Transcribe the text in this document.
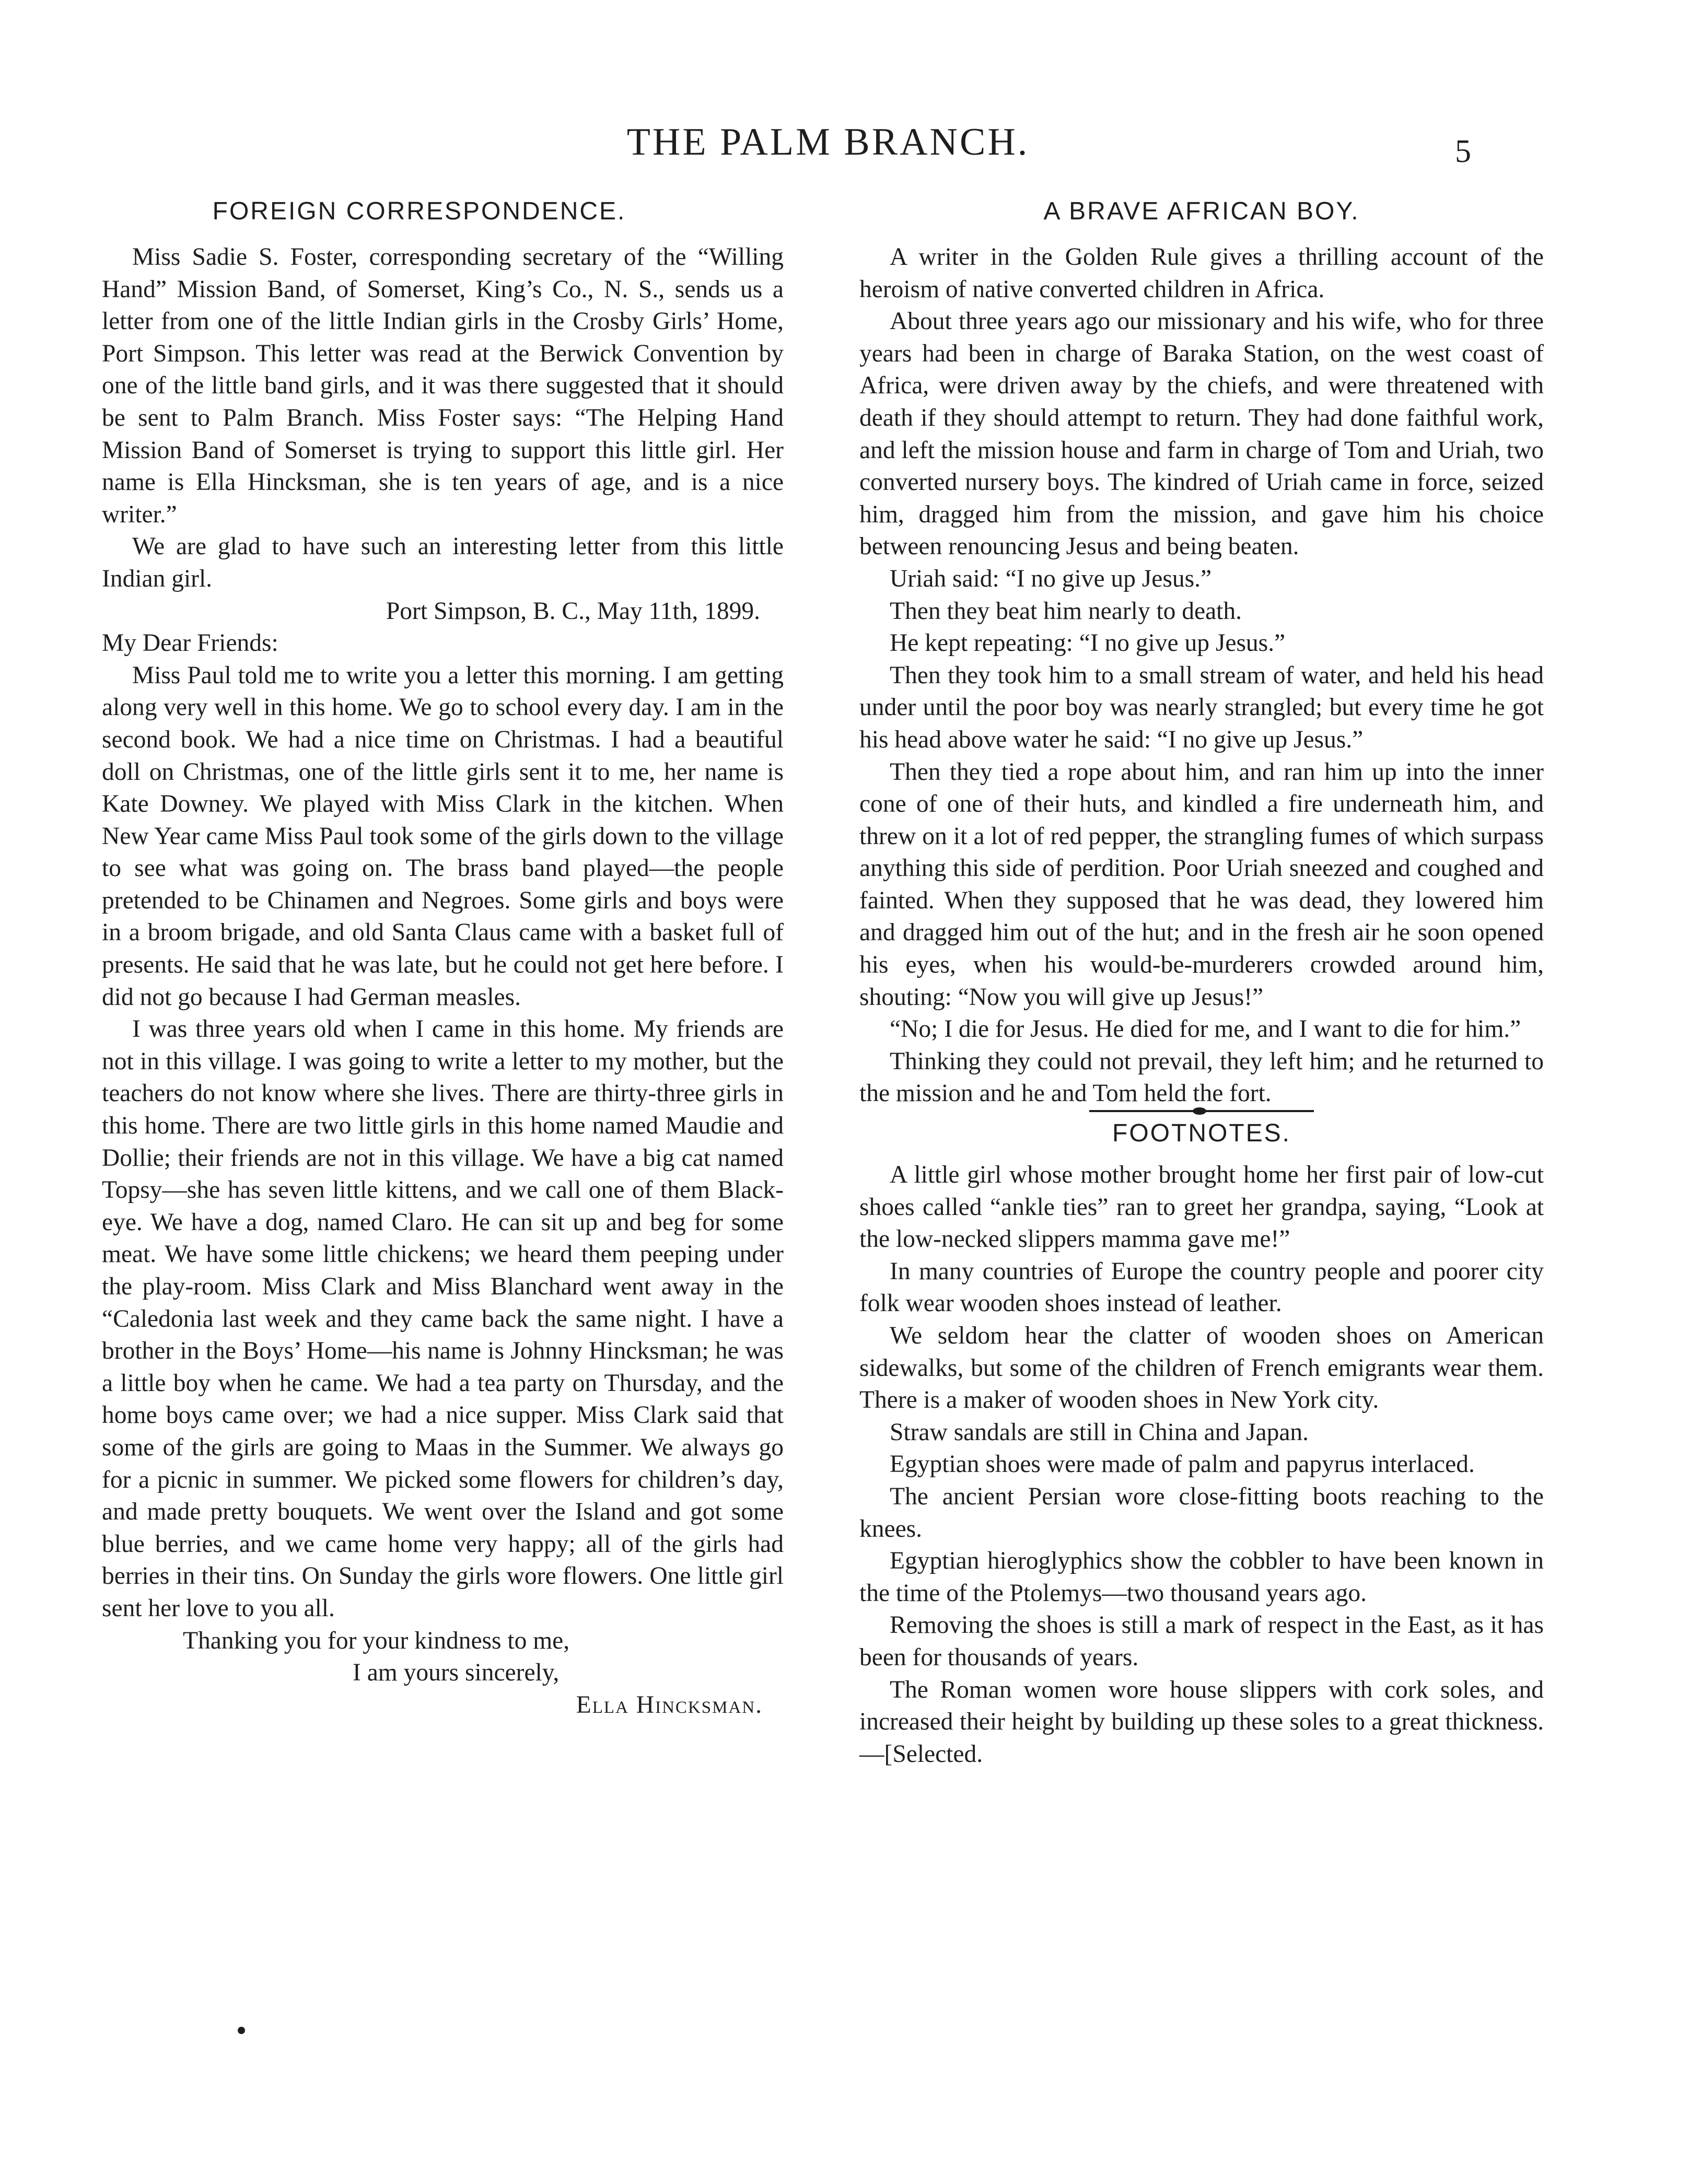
THE PALM BRANCH.	5
FOREIGN CORRESPONDENCE.

Miss Sadie S. Foster, corresponding secretary of the “Willing Hand” Mission Band, of Somerset, King’s Co., N. S., sends us a letter from one of the little Indian girls in the Crosby Girls’ Home, Port Simpson. This letter was read at the Berwick Convention by one of the little band girls, and it was there suggested that it should be sent to Palm Branch. Miss Foster says: “The Helping Hand Mission Band of Somerset is trying to support this little girl. Her name is Ella Hincksman, she is ten years of age, and is a nice writer.”

We are glad to have such an interesting letter from this little Indian girl.

Port Simpson, B. C., May 11th, 1899.

My Dear Friends:

Miss Paul told me to write you a letter this morning. I am getting along very well in this home. We go to school every day. I am in the second book. We had a nice time on Christmas. I had a beautiful doll on Christmas, one of the little girls sent it to me, her name is Kate Downey. We played with Miss Clark in the kitchen. When New Year came Miss Paul took some of the girls down to the village to see what was going on. The brass band played—the people pretended to be Chinamen and Negroes. Some girls and boys were in a broom brigade, and old Santa Claus came with a basket full of presents. He said that he was late, but he could not get here before. I did not go because I had German measles.

I was three years old when I came in this home. My friends are not in this village. I was going to write a letter to my mother, but the teachers do not know where she lives. There are thirty-three girls in this home. There are two little girls in this home named Maudie and Dollie; their friends are not in this village. We have a big cat named Topsy—she has seven little kittens, and we call one of them Black-eye. We have a dog, named Claro. He can sit up and beg for some meat. We have some little chickens; we heard them peeping under the play-room. Miss Clark and Miss Blanchard went away in the “Caledonia last week and they came back the same night. I have a brother in the Boys’ Home—his name is Johnny Hincksman; he was a little boy when he came. We had a tea party on Thursday, and the home boys came over; we had a nice supper. Miss Clark said that some of the girls are going to Maas in the Summer. We always go for a picnic in summer. We picked some flowers for children’s day, and made pretty bouquets. We went over the Island and got some blue berries, and we came home very happy; all of the girls had berries in their tins. On Sunday the girls wore flowers. One little girl sent her love to you all.

Thanking you for your kindness to me,

I am yours sincerely,

Ella Hincksman.

A BRAVE AFRICAN BOY.

A writer in the Golden Rule gives a thrilling account of the heroism of native converted children in Africa.

About three years ago our missionary and his wife, who for three years had been in charge of Baraka Station, on the west coast of Africa, were driven away by the chiefs, and were threatened with death if they should attempt to return. They had done faithful work, and left the mission house and farm in charge of Tom and Uriah, two converted nursery boys. The kindred of Uriah came in force, seized him, dragged him from the mission, and gave him his choice between renouncing Jesus and being beaten.

Uriah said: “I no give up Jesus.”

Then they beat him nearly to death.

He kept repeating: “I no give up Jesus.”

Then they took him to a small stream of water, and held his head under until the poor boy was nearly strangled; but every time he got his head above water he said: “I no give up Jesus.”

Then they tied a rope about him, and ran him up into the inner cone of one of their huts, and kindled a fire underneath him, and threw on it a lot of red pepper, the strangling fumes of which surpass anything this side of perdition. Poor Uriah sneezed and coughed and fainted. When they supposed that he was dead, they lowered him and dragged him out of the hut; and in the fresh air he soon opened his eyes, when his would-be-murderers crowded around him, shouting: “Now you will give up Jesus!”

“No; I die for Jesus. He died for me, and I want to die for him.”

Thinking they could not prevail, they left him; and he returned to the mission and he and Tom held the fort.

FOOTNOTES.

A little girl whose mother brought home her first pair of low-cut shoes called “ankle ties” ran to greet her grandpa, saying, “Look at the low-necked slippers mamma gave me!”

In many countries of Europe the country people and poorer city folk wear wooden shoes instead of leather.

We seldom hear the clatter of wooden shoes on American sidewalks, but some of the children of French emigrants wear them. There is a maker of wooden shoes in New York city.

Straw sandals are still in China and Japan.

Egyptian shoes were made of palm and papyrus interlaced.

The ancient Persian wore close-fitting boots reaching to the knees.

Egyptian hieroglyphics show the cobbler to have been known in the time of the Ptolemys—two thousand years ago.

Removing the shoes is still a mark of respect in the East, as it has been for thousands of years.

The Roman women wore house slippers with cork soles, and increased their height by building up these soles to a great thickness.—[Selected.
